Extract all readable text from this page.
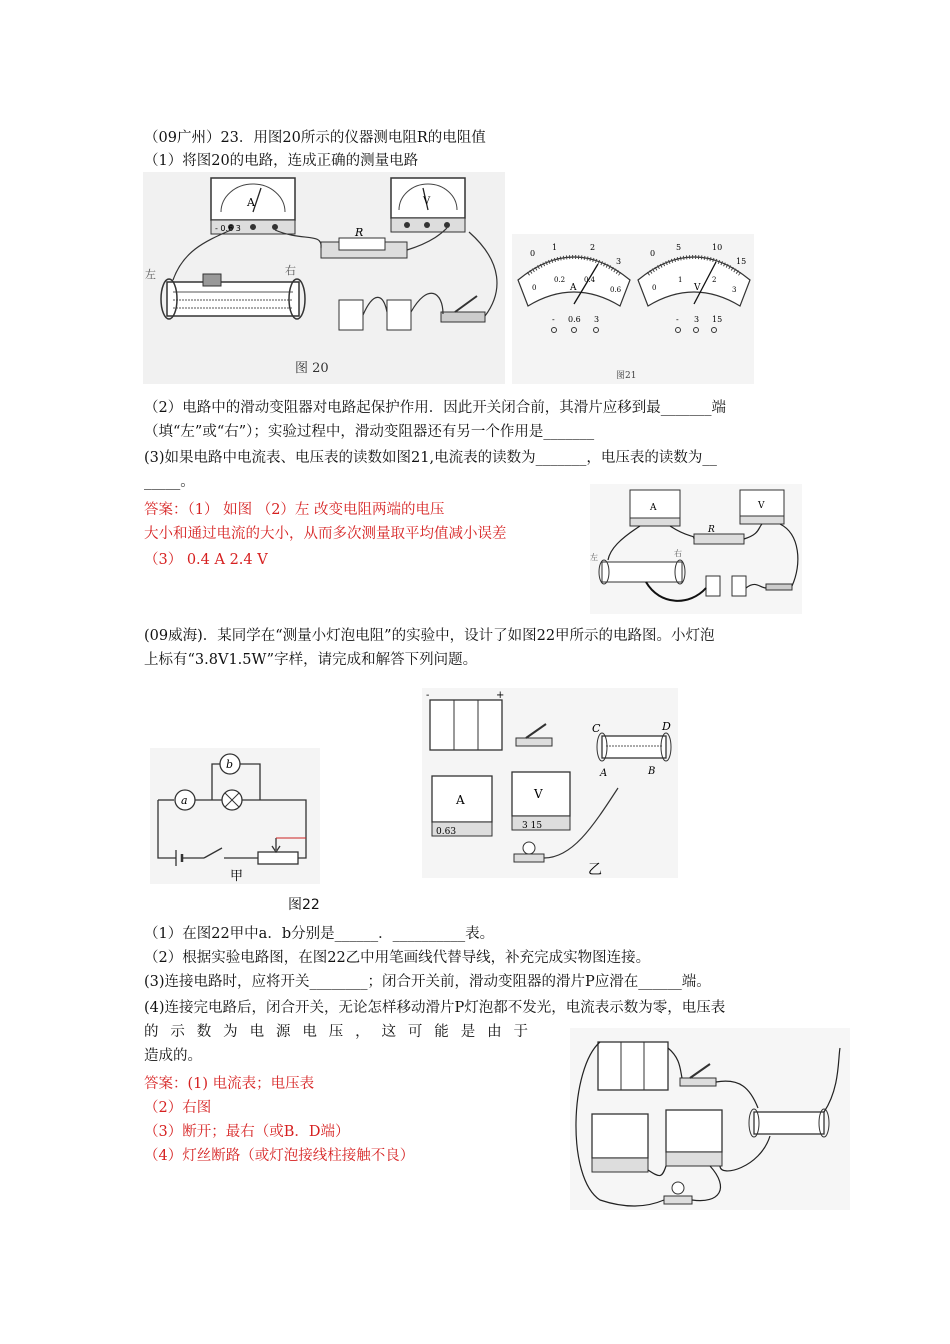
（09广州）23．用图20所示的仪器测电阻R的电阻值
（1）将图20的电路，连成正确的测量电路
A
- 0.6 3
V
R
左	右
图 20
0
1	2
3
0
0.2	0.4
0.6
A
- 0.6 3
0
5	10
15
0
1	2
3
V
- 3 15
图21
（2）电路中的滑动变阻器对电路起保护作用．因此开关闭合前，其滑片应移到最_______端
（填“左”或“右”）；实验过程中，滑动变阻器还有另一个作用是_______
(3)如果电路中电流表、电压表的读数如图21,电流表的读数为_______，电压表的读数为__
_____。
答案：（1） 如图 （2）左 改变电阻两端的电压
大小和通过电流的大小，从而多次测量取平均值减小误差
（3） 0.4 A 2.4 V
A	V
R
左	右
(09威海)．某同学在“测量小灯泡电阻”的实验中，设计了如图22甲所示的电路图。小灯泡
上标有“3.8V1.5W”字样，请完成和解答下列问题。
a
b
甲
-	+
C	D
A	B
A
0.63
V
3 15
乙
图22
（1）在图22甲中a．b分别是______．__________表。
（2）根据实验电路图，在图22乙中用笔画线代替导线，补充完成实物图连接。
(3)连接电路时，应将开关________；闭合开关前，滑动变阻器的滑片P应滑在______端。
(4)连接完电路后，闭合开关，无论怎样移动滑片P灯泡都不发光，电流表示数为零，电压表
的 示 数 为 电 源 电 压 ， 这 可 能 是 由 于
造成的。
答案：(1) 电流表；电压表
（2）右图
（3）断开；最右（或B．D端）
（4）灯丝断路（或灯泡接线柱接触不良）
